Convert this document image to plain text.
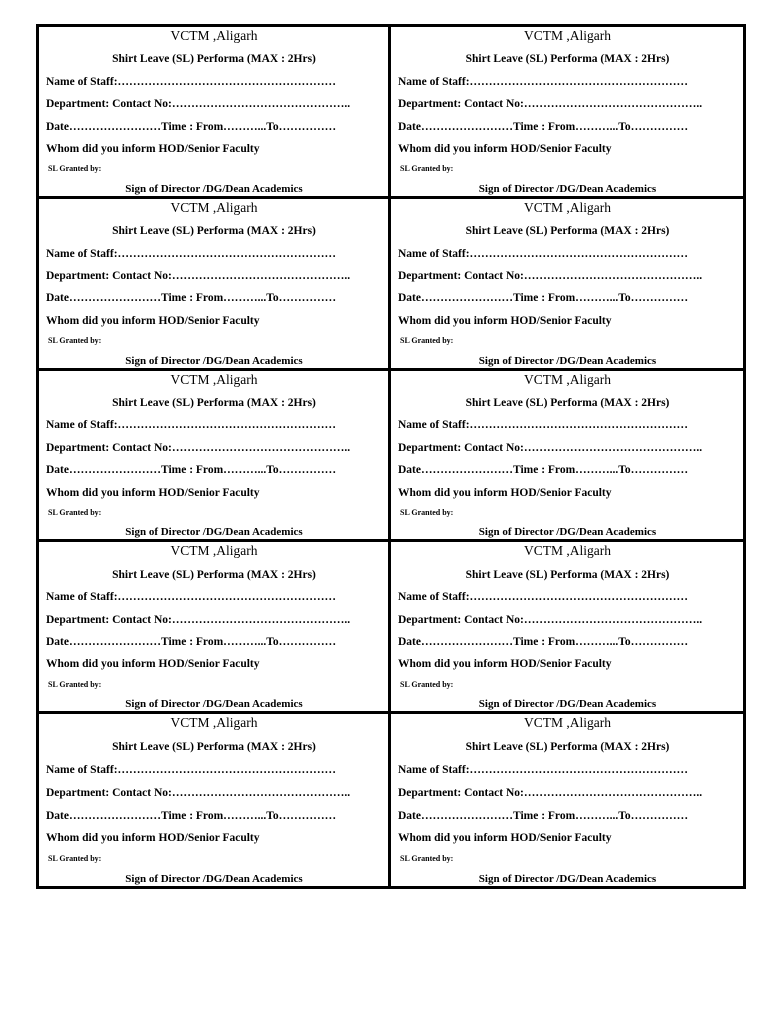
VCTM ,Aligarh
Shirt Leave (SL) Performa (MAX : 2Hrs)
Name of Staff:…………………………………………………
Department: Contact No:………………………………………..
Date……………………Time : From………...To……………
Whom did you inform HOD/Senior Faculty
SL Granted by:
Sign of Director /DG/Dean Academics
VCTM ,Aligarh
Shirt Leave (SL) Performa (MAX : 2Hrs)
Name of Staff:…………………………………………………
Department: Contact No:………………………………………..
Date……………………Time : From………...To……………
Whom did you inform HOD/Senior Faculty
SL Granted by:
Sign of Director /DG/Dean Academics
VCTM ,Aligarh
Shirt Leave (SL) Performa (MAX : 2Hrs)
Name of Staff:…………………………………………………
Department: Contact No:………………………………………..
Date……………………Time : From………...To……………
Whom did you inform HOD/Senior Faculty
SL Granted by:
Sign of Director /DG/Dean Academics
VCTM ,Aligarh
Shirt Leave (SL) Performa (MAX : 2Hrs)
Name of Staff:…………………………………………………
Department: Contact No:………………………………………..
Date……………………Time : From………...To……………
Whom did you inform HOD/Senior Faculty
SL Granted by:
Sign of Director /DG/Dean Academics
VCTM ,Aligarh
Shirt Leave (SL) Performa (MAX : 2Hrs)
Name of Staff:…………………………………………………
Department: Contact No:………………………………………..
Date……………………Time : From………...To……………
Whom did you inform HOD/Senior Faculty
SL Granted by:
Sign of Director /DG/Dean Academics
VCTM ,Aligarh
Shirt Leave (SL) Performa (MAX : 2Hrs)
Name of Staff:…………………………………………………
Department: Contact No:………………………………………..
Date……………………Time : From………...To……………
Whom did you inform HOD/Senior Faculty
SL Granted by:
Sign of Director /DG/Dean Academics
VCTM ,Aligarh
Shirt Leave (SL) Performa (MAX : 2Hrs)
Name of Staff:…………………………………………………
Department: Contact No:………………………………………..
Date……………………Time : From………...To……………
Whom did you inform HOD/Senior Faculty
SL Granted by:
Sign of Director /DG/Dean Academics
VCTM ,Aligarh
Shirt Leave (SL) Performa (MAX : 2Hrs)
Name of Staff:…………………………………………………
Department: Contact No:………………………………………..
Date……………………Time : From………...To……………
Whom did you inform HOD/Senior Faculty
SL Granted by:
Sign of Director /DG/Dean Academics
VCTM ,Aligarh
Shirt Leave (SL) Performa (MAX : 2Hrs)
Name of Staff:…………………………………………………
Department: Contact No:………………………………………..
Date……………………Time : From………...To……………
Whom did you inform HOD/Senior Faculty
SL Granted by:
Sign of Director /DG/Dean Academics
VCTM ,Aligarh
Shirt Leave (SL) Performa (MAX : 2Hrs)
Name of Staff:…………………………………………………
Department: Contact No:………………………………………..
Date……………………Time : From………...To……………
Whom did you inform HOD/Senior Faculty
SL Granted by:
Sign of Director /DG/Dean Academics
